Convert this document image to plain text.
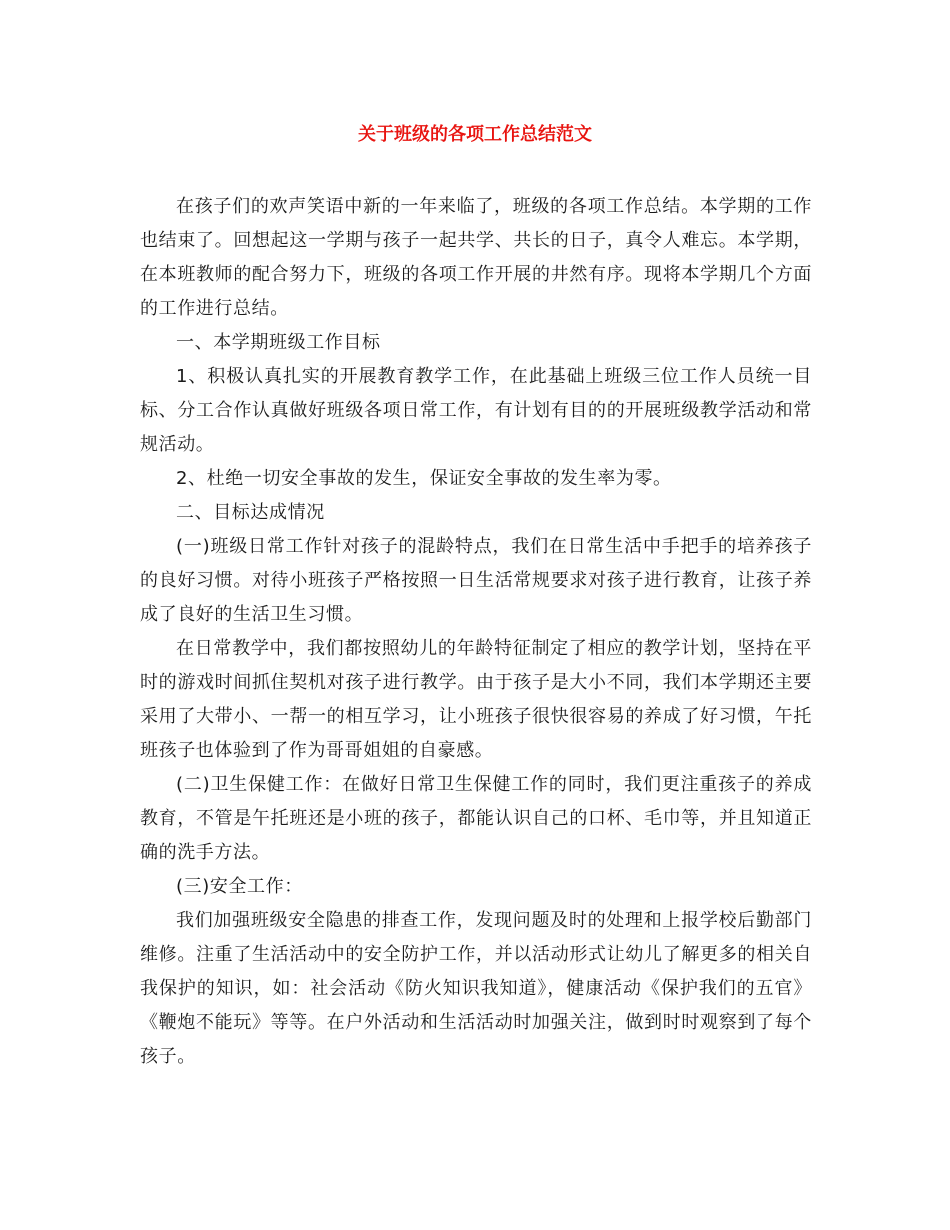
关于班级的各项工作总结范文

在孩子们的欢声笑语中新的一年来临了，班级的各项工作总结。本学期的工作也结束了。回想起这一学期与孩子一起共学、共长的日子，真令人难忘。本学期，在本班教师的配合努力下，班级的各项工作开展的井然有序。现将本学期几个方面的工作进行总结。

一、本学期班级工作目标

1、积极认真扎实的开展教育教学工作，在此基础上班级三位工作人员统一目标、分工合作认真做好班级各项日常工作，有计划有目的的开展班级教学活动和常规活动。

2、杜绝一切安全事故的发生，保证安全事故的发生率为零。

二、目标达成情况

(一)班级日常工作针对孩子的混龄特点，我们在日常生活中手把手的培养孩子的良好习惯。对待小班孩子严格按照一日生活常规要求对孩子进行教育，让孩子养成了良好的生活卫生习惯。

在日常教学中，我们都按照幼儿的年龄特征制定了相应的教学计划，坚持在平时的游戏时间抓住契机对孩子进行教学。由于孩子是大小不同，我们本学期还主要采用了大带小、一帮一的相互学习，让小班孩子很快很容易的养成了好习惯，午托班孩子也体验到了作为哥哥姐姐的自豪感。

(二)卫生保健工作：在做好日常卫生保健工作的同时，我们更注重孩子的养成教育，不管是午托班还是小班的孩子，都能认识自己的口杯、毛巾等，并且知道正确的洗手方法。

(三)安全工作：

我们加强班级安全隐患的排查工作，发现问题及时的处理和上报学校后勤部门维修。注重了生活活动中的安全防护工作，并以活动形式让幼儿了解更多的相关自我保护的知识，如：社会活动《防火知识我知道》，健康活动《保护我们的五官》《鞭炮不能玩》等等。在户外活动和生活活动时加强关注，做到时时观察到了每个孩子。
